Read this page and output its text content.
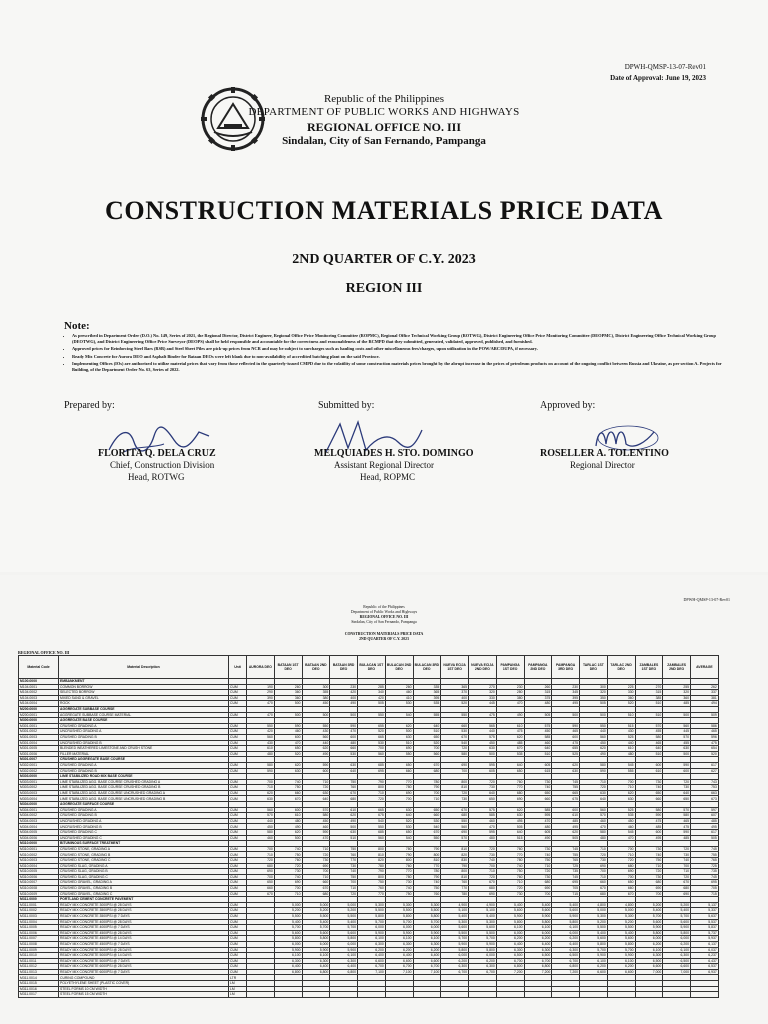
DPWH-QMSP-13-07-Rev01
Date of Approval: June 19, 2023
Republic of the Philippines
DEPARTMENT OF PUBLIC WORKS AND HIGHWAYS
REGIONAL OFFICE NO. III
Sindalan, City of San Fernando, Pampanga
CONSTRUCTION MATERIALS PRICE DATA
2ND QUARTER OF C.Y. 2023
REGION III
Note:
• As prescribed in Department Order (D.O.) No. 149, Series of 2021, the Regional Director, District Engineer, Regional Office Price Monitoring Committee (ROPMC), Regional Office Technical Working Group (ROTWG), District Engineering Office Price Monitoring Committee (DEOPMC), District Engineering Office Technical Working Group (DEOTWG), and District Engineering Office Price Surveyor (DEOPS) shall be held responsible and accountable for the correctness and reasonableness of the RCMPD that they submitted, generated, validated, approved, published, and furnished.
• Approved prices for Reinforcing Steel Bars (RSB) and Steel Sheet Piles are pick-up prices from NCR and may be subject to surcharges such as hauling costs and other miscellaneous fees/charges, upon utilization in the POW/ABC/DUPA, if necessary.
• Ready Mix Concrete for Aurora DEO and Asphalt Binder for Bataan DEOs were left blank due to non-availability of accredited batching plant on the said Province.
• Implementing Offices (IOs) are authorized to utilize material prices that vary from those reflected in the quarterly-issued CMPD due to the volatility of some construction materials prices brought by the abrupt increase in the prices of petroleum products on account of the ongoing conflict between Russia and Ukraine, as per section A. Projects for Building, of the Department Order No. 63, Series of 2022.
Prepared by:
FLORITA Q. DELA CRUZ
Chief, Construction Division
Head, ROTWG
Submitted by:
MELQUIADES H. STO. DOMINGO
Assistant Regional Director
Head, ROPMC
Approved by:
ROSELLER A. TOLENTINO
Regional Director
DPWH-QMSP-13-07-Rev01
Republic of the Philippines
Department of Public Works and Highways
REGIONAL OFFICE NO. III
Sindalan, City of San Fernando, Pampanga
CONSTRUCTION MATERIALS PRICE DATA
2ND QUARTER OF C.Y. 2023
REGIONAL OFFICE NO. III
Material Code	Material Description	Unit	AURORA DEO	BATAAN 1ST DEO	BATAAN 2ND DEO	BATAAN 3RD DEO	BULACAN 1ST DEO	BULACAN 2ND DEO	BULACAN 3RD DEO	NUEVA ECIJA 1ST DEO	NUEVA ECIJA 2ND DEO	PAMPANGA 1ST DEO	PAMPANGA 2ND DEO	PAMPANGA 3RD DEO	TARLAC 1ST DEO	TARLAC 2ND DEO	ZAMBALES 1ST DEO	ZAMBALES 2ND DEO	AVERAGE
M100.0000	EMBANKMENT																		
M104.0001	COMMON BORROW	CUM	190	260	300	230	285	260	335	365	270	230	260	230	300	225	270	255	262
M104.0002	SELECTED BORROW	CUM	290	360	355	420	340	460	365	370	320	280	315	345	320	330	315	320	337
M104.0003	MIXED SAND & GRAVEL	CUM	390	360	380	400	420	410	395	400	330	380	375	395	350	360	385	360	381
M104.0004	ROCK	CUM	470	500	450	490	505	530	535	520	445	470	480	495	505	520	510	485	494
M200.0000	AGGREGATE SUBBASE COURSE																		
M200.0001	AGGREGATE SUBBASE COURSE MATERIAL	CUM	470	500	500	500	550	540	555	550	475	490	505	500	500	510	510	500	509
M300.0000	AGGREGATE BASE COURSE																		
M301.0001	CRUSHED GRADING A	CUM	550	590	550	590	655	620	640	660	565	610	575	590	550	515	570	560	586
M301.0002	UNCRUSHED GRADING A	CUM	420	460	430	470	520	500	510	530	440	475	450	465	440	430	455	445	465
M301.0003	CRUSHED GRADING B	CUM	560	600	560	600	665	630	650	670	575	620	585	600	560	525	580	570	596
M301.0004	UNCRUSHED GRADING B	CUM	430	470	440	480	530	510	520	540	450	485	460	475	450	440	465	455	475
M301.0005	BLENDED WEATHERED LIMESTONE AND CRUSH STONE	CUM	610	650	620	660	700	690	700	720	630	670	640	655	620	610	640	630	654
M301.0006	FILLER MATERIAL	CUM	480	520	490	530	560	550	560	580	500	535	510	525	490	480	510	500	520
M301.0007	CRUSHED AGGREGATE BASE COURSE																		
M302.0001	CRUSHED GRADING A	CUM	580	620	590	630	685	650	670	690	595	640	605	620	580	545	600	590	617
M302.0002	CRUSHED GRADING B	CUM	590	630	600	640	695	660	680	700	605	650	615	630	590	555	610	600	627
M303.0000	LIME STABILIZED ROAD MIX BASE COURSE																		
M303.0001	LIME STABILIZED AGG. BASE COURSE CRUSHED GRADING A	CUM	700	740	710	750	790	770	780	800	720	760	730	745	710	700	730	720	743
M303.0002	LIME STABILIZED AGG. BASE COURSE CRUSHED GRADING B	CUM	710	750	720	760	800	780	790	810	730	770	740	755	720	710	740	730	753
M303.0003	LIME STABILIZED AGG. BASE COURSE UNCRUSHED GRADING A	CUM	620	660	630	670	710	690	700	720	640	680	650	665	630	620	650	640	663
M303.0004	LIME STABILIZED AGG. BASE COURSE UNCRUSHED GRADING B	CUM	630	670	640	680	720	700	710	730	650	690	660	675	640	630	660	650	673
M304.0000	AGGREGATE SURFACE COURSE																		
M304.0001	CRUSHED GRADING A	CUM	560	600	570	610	665	630	650	670	575	620	585	600	560	525	580	570	597
M304.0002	CRUSHED GRADING B	CUM	570	610	580	620	675	640	660	680	585	630	595	610	570	535	590	580	607
M304.0003	UNCRUSHED GRADING A	CUM	440	480	450	490	540	520	530	550	460	495	470	485	460	450	475	465	485
M304.0004	UNCRUSHED GRADING B	CUM	450	490	460	500	550	530	540	560	470	505	480	495	470	460	485	475	495
M304.0005	CRUSHED GRADING C	CUM	580	620	590	630	685	650	670	690	595	640	605	620	580	545	600	590	617
M304.0006	UNCRUSHED GRADING C	CUM	460	500	470	510	560	540	550	570	480	515	490	505	480	470	495	485	505
M310.0000	BITUMINOUS SURFACE TREATMENT																		
M310.0001	CRUSHED STONE, GRADING A	CUM	700	740	710	750	800	780	790	810	720	760	730	745	710	700	730	720	745
M310.0002	CRUSHED STONE, GRADING B	CUM	710	750	720	760	810	790	800	820	730	770	740	755	720	710	740	730	755
M310.0003	CRUSHED STONE, GRADING C	CUM	720	760	730	770	820	800	810	830	740	780	750	765	730	720	750	740	765
M310.0004	CRUSHED SLAG, GRADING A	CUM	680	720	690	730	780	760	770	790	700	740	710	725	690	680	710	700	725
M310.0005	CRUSHED SLAG, GRADING B	CUM	690	730	700	740	790	770	780	800	710	750	720	735	700	690	720	710	735
M310.0006	CRUSHED SLAG, GRADING C	CUM	700	740	710	750	800	780	790	810	720	760	730	745	710	700	730	720	745
M310.0007	CRUSHED GRAVEL, GRADING A	CUM	650	690	660	700	750	730	740	760	670	710	680	695	660	650	680	670	695
M310.0008	CRUSHED GRAVEL, GRADING B	CUM	660	700	670	710	760	740	750	770	680	720	690	705	670	660	690	680	705
M310.0009	CRUSHED GRAVEL, GRADING C	CUM	670	710	680	720	770	750	760	780	690	730	700	715	680	670	700	690	715
M311.0000	PORTLAND CEMENT CONCRETE PAVEMENT																		
M311.0001	READY MIX CONCRETE 3000PSI @ 28 DAYS	CUM		5,000	5,000	5,000	5,300	5,300	5,300	4,900	4,900	5,400	5,400	5,400	4,800	4,800	5,200	5,200	5,137
M311.0002	READY MIX CONCRETE 3500PSI @ 28 DAYS	CUM		5,200	5,200	5,200	5,500	5,500	5,500	5,100	5,100	5,600	5,600	5,600	5,000	5,000	5,400	5,400	5,337
M311.0003	READY MIX CONCRETE 3500PSI @ 7 DAYS	CUM		5,500	5,500	5,500	5,800	5,800	5,800	5,400	5,400	5,900	5,900	5,900	5,300	5,300	5,700	5,700	5,637
M311.0004	READY MIX CONCRETE 4000PSI @ 28 DAYS	CUM		5,400	5,400	5,400	5,700	5,700	5,700	5,300	5,300	5,800	5,800	5,800	5,200	5,200	5,600	5,600	5,537
M311.0005	READY MIX CONCRETE 4000PSI @ 7 DAYS	CUM		5,700	5,700	5,700	6,000	6,000	6,000	5,600	5,600	6,100	6,100	6,100	5,500	5,500	5,900	5,900	5,837
M311.0006	READY MIX CONCRETE 4500PSI @ 28 DAYS	CUM		5,600	5,600	5,600	5,900	5,900	5,900	5,500	5,500	6,000	6,000	6,000	5,400	5,400	5,800	5,800	5,737
M311.0007	READY MIX CONCRETE 4500PSI @ 14 DAYS	CUM		5,800	5,800	5,800	6,100	6,100	6,100	5,700	5,700	6,200	6,200	6,200	5,600	5,600	6,000	6,000	5,937
M311.0008	READY MIX CONCRETE 4500PSI @ 7 DAYS	CUM		6,000	6,000	6,000	6,300	6,300	6,300	5,900	5,900	6,400	6,400	6,400	5,800	5,800	6,200	6,200	6,137
M311.0009	READY MIX CONCRETE 5000PSI @ 28 DAYS	CUM		5,900	5,900	5,900	6,200	6,200	6,200	5,800	5,800	6,300	6,300	6,300	5,700	5,700	6,100	6,100	6,037
M311.0010	READY MIX CONCRETE 5000PSI @ 14 DAYS	CUM		6,100	6,100	6,100	6,400	6,400	6,400	6,000	6,000	6,500	6,500	6,500	5,900	5,900	6,300	6,300	6,237
M311.0011	READY MIX CONCRETE 5000PSI @ 7 DAYS	CUM		6,300	6,300	6,300	6,600	6,600	6,600	6,200	6,200	6,700	6,700	6,700	6,100	6,100	6,500	6,500	6,437
M311.0012	READY MIX CONCRETE 6000PSI @ 28 DAYS	CUM		6,400	6,400	6,400	6,700	6,700	6,700	6,300	6,300	6,800	6,800	6,800	6,200	6,200	6,600	6,600	6,537
M311.0013	READY MIX CONCRETE 6000PSI @ 7 DAYS	CUM		6,800	6,800	6,800	7,100	7,100	7,100	6,700	6,700	7,200	7,200	7,200	6,600	6,600	7,000	7,000	6,937
M311.0014	CURING COMPOUND	LTR																	
M311.0015	POLYETHYLENE SHEET (PLASTIC COVER)	LM																	
M311.0016	STEEL FORMS 10 CM WIDTH	LM																	
M311.0017	STEEL FORMS 15 CM WIDTH	LM																	
